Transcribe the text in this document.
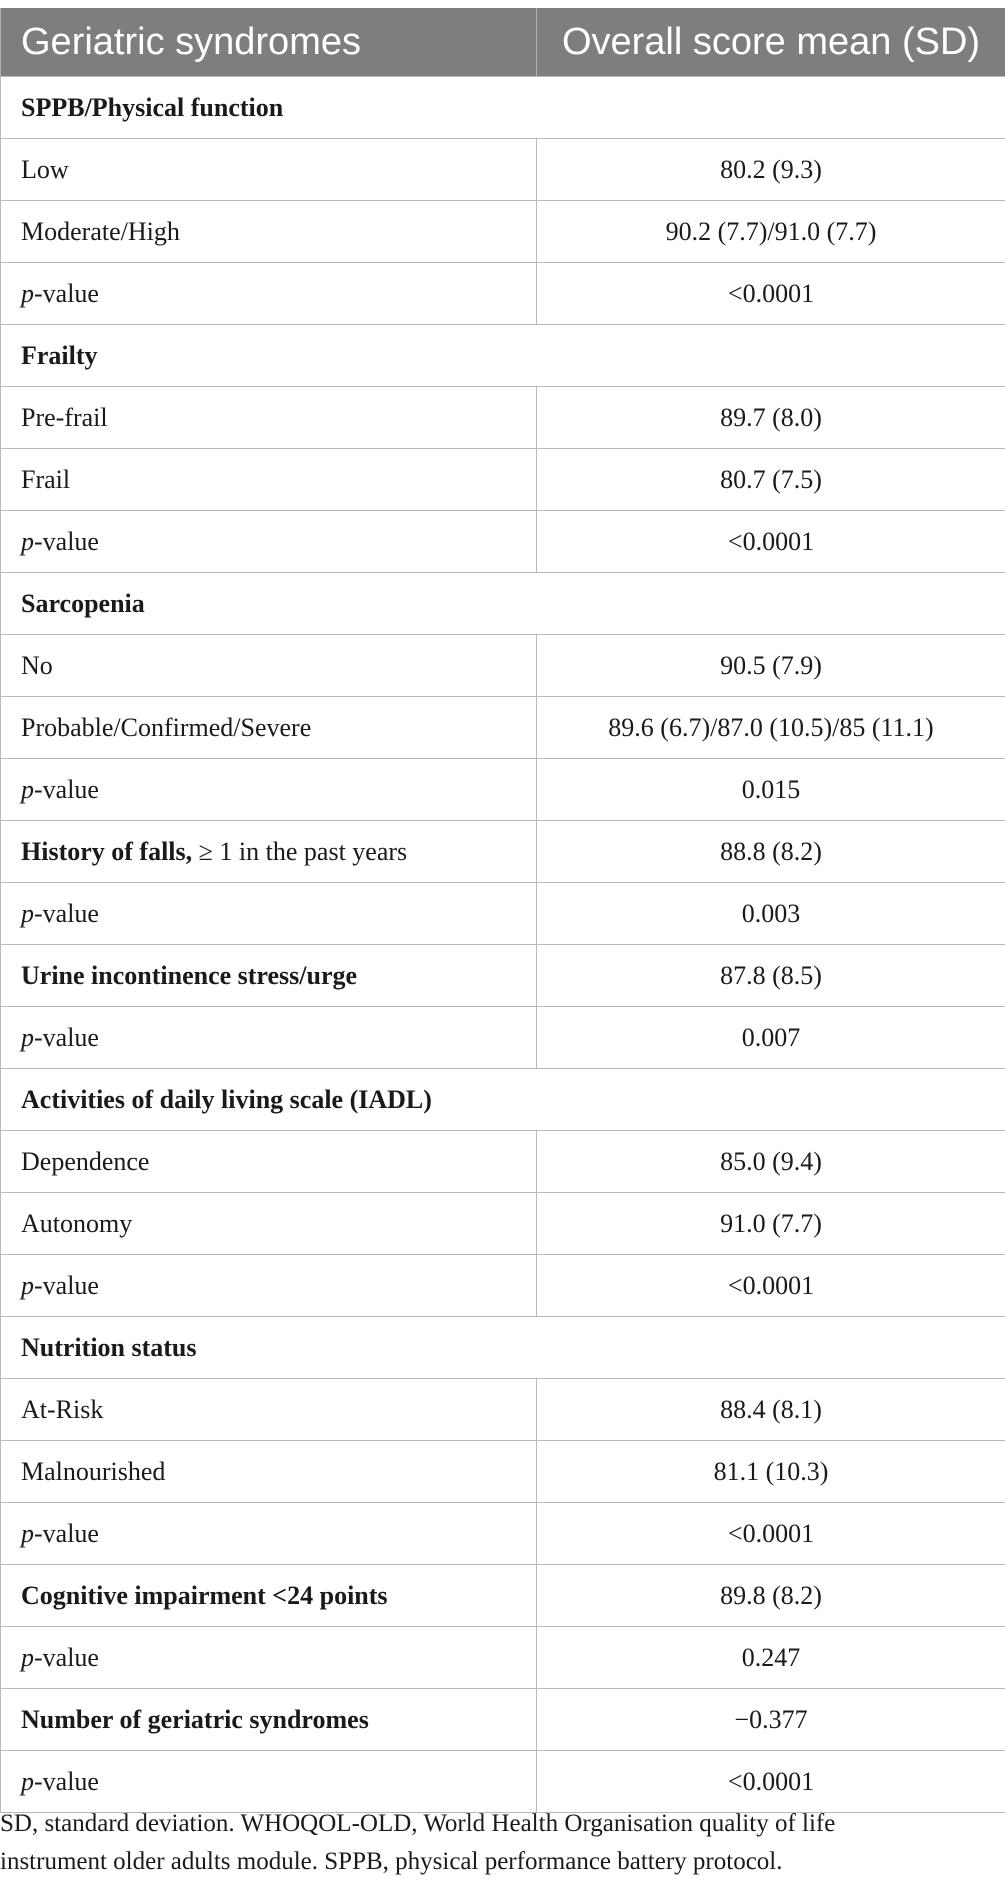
Geriatric syndromes	Overall score mean (SD)
SPPB/Physical function	
Low	80.2 (9.3)
Moderate/High	90.2 (7.7)/91.0 (7.7)
p-value	<0.0001
Frailty	
Pre-frail	89.7 (8.0)
Frail	80.7 (7.5)
p-value	<0.0001
Sarcopenia	
No	90.5 (7.9)
Probable/Confirmed/Severe	89.6 (6.7)/87.0 (10.5)/85 (11.1)
p-value	0.015
History of falls, ≥ 1 in the past years	88.8 (8.2)
p-value	0.003
Urine incontinence stress/urge	87.8 (8.5)
p-value	0.007
Activities of daily living scale (IADL)	
Dependence	85.0 (9.4)
Autonomy	91.0 (7.7)
p-value	<0.0001
Nutrition status	
At-Risk	88.4 (8.1)
Malnourished	81.1 (10.3)
p-value	<0.0001
Cognitive impairment <24 points	89.8 (8.2)
p-value	0.247
Number of geriatric syndromes	−0.377
p-value	<0.0001
SD, standard deviation. WHOQOL-OLD, World Health Organisation quality of life
instrument older adults module. SPPB, physical performance battery protocol.
